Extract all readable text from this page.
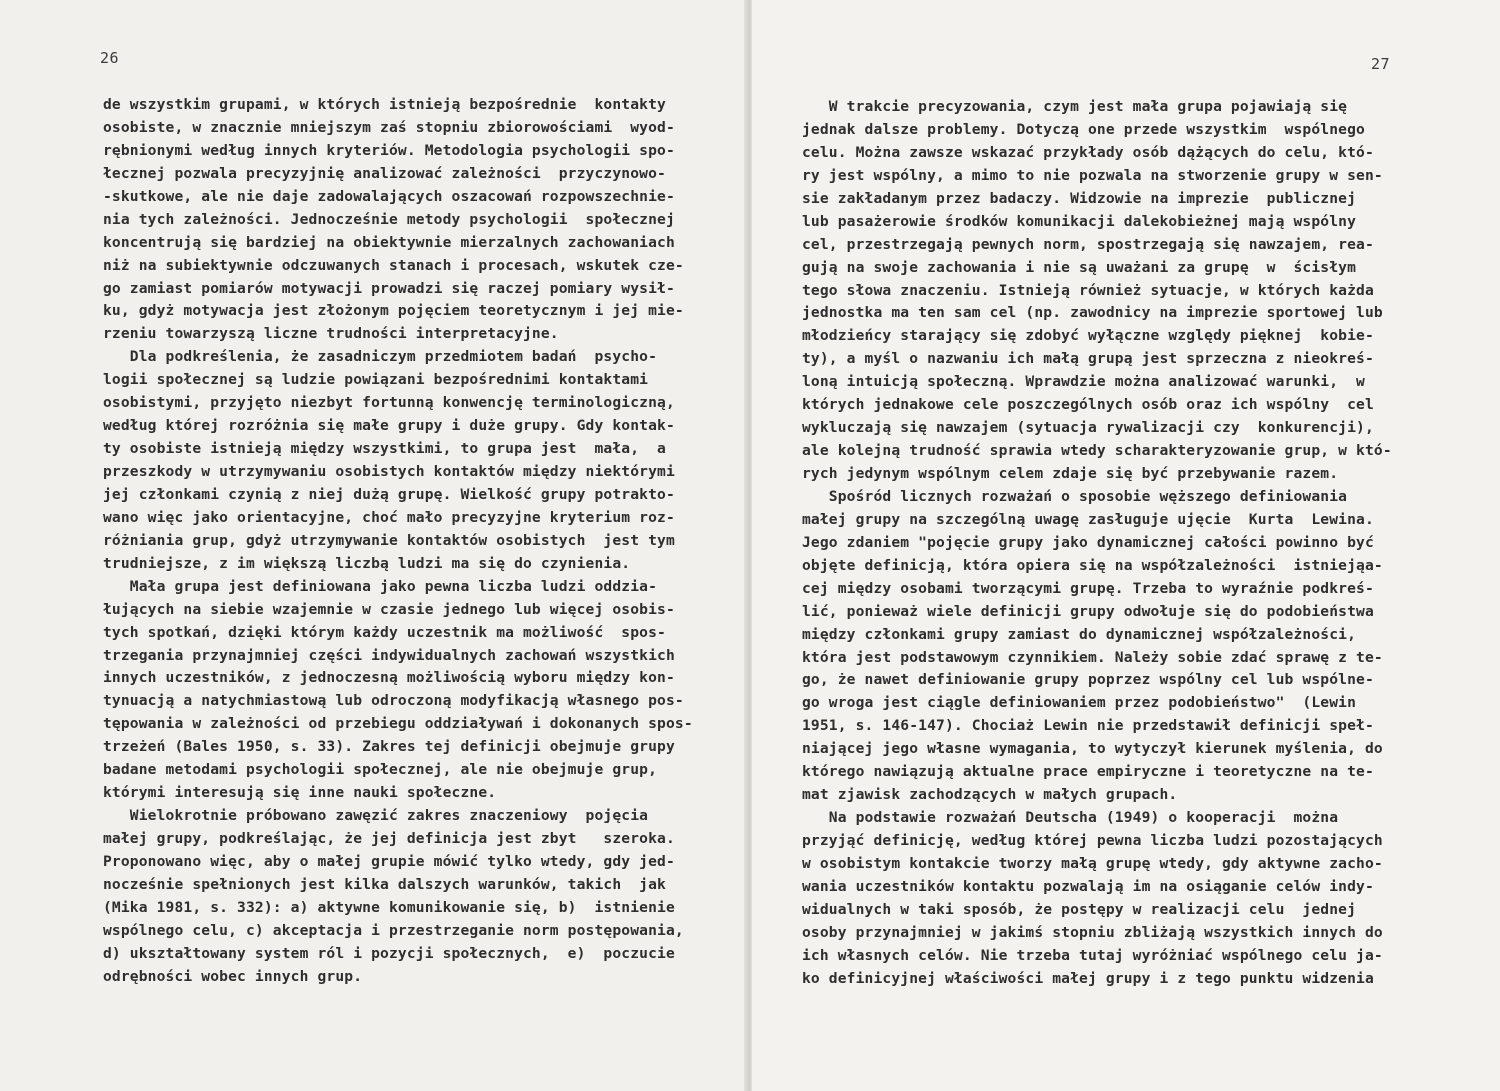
26
de wszystkim grupami, w których istnieją bezpośrednie  kontakty
osobiste, w znacznie mniejszym zaś stopniu zbiorowościami  wyod-
rębnionymi według innych kryteriów. Metodologia psychologii spo-
łecznej pozwala precyzyjnię analizować zależności  przyczynowo-
-skutkowe, ale nie daje zadowalających oszacowań rozpowszechnie-
nia tych zależności. Jednocześnie metody psychologii  społecznej
koncentrują się bardziej na obiektywnie mierzalnych zachowaniach
niż na subiektywnie odczuwanych stanach i procesach, wskutek cze-
go zamiast pomiarów motywacji prowadzi się raczej pomiary wysił-
ku, gdyż motywacja jest złożonym pojęciem teoretycznym i jej mie-
rzeniu towarzyszą liczne trudności interpretacyjne.
Dla podkreślenia, że zasadniczym przedmiotem badań  psycho-
logii społecznej są ludzie powiązani bezpośrednimi kontaktami
osobistymi, przyjęto niezbyt fortunną konwencję terminologiczną,
według której rozróżnia się małe grupy i duże grupy. Gdy kontak-
ty osobiste istnieją między wszystkimi, to grupa jest  mała,  a
przeszkody w utrzymywaniu osobistych kontaktów między niektórymi
jej członkami czynią z niej dużą grupę. Wielkość grupy potrakto-
wano więc jako orientacyjne, choć mało precyzyjne kryterium roz-
różniania grup, gdyż utrzymywanie kontaktów osobistych  jest tym
trudniejsze, z im większą liczbą ludzi ma się do czynienia.
Mała grupa jest definiowana jako pewna liczba ludzi oddzia-
łujących na siebie wzajemnie w czasie jednego lub więcej osobis-
tych spotkań, dzięki którym każdy uczestnik ma możliwość  spos-
trzegania przynajmniej części indywidualnych zachowań wszystkich
innych uczestników, z jednoczesną możliwością wyboru między kon-
tynuacją a natychmiastową lub odroczoną modyfikacją własnego pos-
tępowania w zależności od przebiegu oddziaływań i dokonanych spos-
trzeżeń (Bales 1950, s. 33). Zakres tej definicji obejmuje grupy
badane metodami psychologii społecznej, ale nie obejmuje grup,
którymi interesują się inne nauki społeczne.
Wielokrotnie próbowano zawęzić zakres znaczeniowy  pojęcia
małej grupy, podkreślając, że jej definicja jest zbyt   szeroka.
Proponowano więc, aby o małej grupie mówić tylko wtedy, gdy jed-
nocześnie spełnionych jest kilka dalszych warunków, takich  jak
(Mika 1981, s. 332): a) aktywne komunikowanie się, b)  istnienie
wspólnego celu, c) akceptacja i przestrzeganie norm postępowania,
d) ukształtowany system ról i pozycji społecznych,  e)  poczucie
odrębności wobec innych grup.
27
W trakcie precyzowania, czym jest mała grupa pojawiają się
jednak dalsze problemy. Dotyczą one przede wszystkim  wspólnego
celu. Można zawsze wskazać przykłady osób dążących do celu, któ-
ry jest wspólny, a mimo to nie pozwala na stworzenie grupy w sen-
sie zakładanym przez badaczy. Widzowie na imprezie  publicznej
lub pasażerowie środków komunikacji dalekobieżnej mają wspólny
cel, przestrzegają pewnych norm, spostrzegają się nawzajem, rea-
gują na swoje zachowania i nie są uważani za grupę  w  ścisłym
tego słowa znaczeniu. Istnieją również sytuacje, w których każda
jednostka ma ten sam cel (np. zawodnicy na imprezie sportowej lub
młodzieńcy starający się zdobyć wyłączne względy pięknej  kobie-
ty), a myśl o nazwaniu ich małą grupą jest sprzeczna z nieokreś-
loną intuicją społeczną. Wprawdzie można analizować warunki,  w
których jednakowe cele poszczególnych osób oraz ich wspólny  cel
wykluczają się nawzajem (sytuacja rywalizacji czy  konkurencji),
ale kolejną trudność sprawia wtedy scharakteryzowanie grup, w któ-
rych jedynym wspólnym celem zdaje się być przebywanie razem.
Spośród licznych rozważań o sposobie węższego definiowania
małej grupy na szczególną uwagę zasługuje ujęcie  Kurta  Lewina.
Jego zdaniem "pojęcie grupy jako dynamicznej całości powinno być
objęte definicją, która opiera się na współzależności  istniejąa-
cej między osobami tworzącymi grupę. Trzeba to wyraźnie podkreś-
lić, ponieważ wiele definicji grupy odwołuje się do podobieństwa
między członkami grupy zamiast do dynamicznej współzależności,
która jest podstawowym czynnikiem. Należy sobie zdać sprawę z te-
go, że nawet definiowanie grupy poprzez wspólny cel lub wspólne-
go wroga jest ciągle definiowaniem przez podobieństwo"  (Lewin
1951, s. 146-147). Chociaż Lewin nie przedstawił definicji speł-
niającej jego własne wymagania, to wytyczył kierunek myślenia, do
którego nawiązują aktualne prace empiryczne i teoretyczne na te-
mat zjawisk zachodzących w małych grupach.
Na podstawie rozważań Deutscha (1949) o kooperacji  można
przyjąć definicję, według której pewna liczba ludzi pozostających
w osobistym kontakcie tworzy małą grupę wtedy, gdy aktywne zacho-
wania uczestników kontaktu pozwalają im na osiąganie celów indy-
widualnych w taki sposób, że postępy w realizacji celu  jednej
osoby przynajmniej w jakimś stopniu zbliżają wszystkich innych do
ich własnych celów. Nie trzeba tutaj wyróżniać wspólnego celu ja-
ko definicyjnej właściwości małej grupy i z tego punktu widzenia
